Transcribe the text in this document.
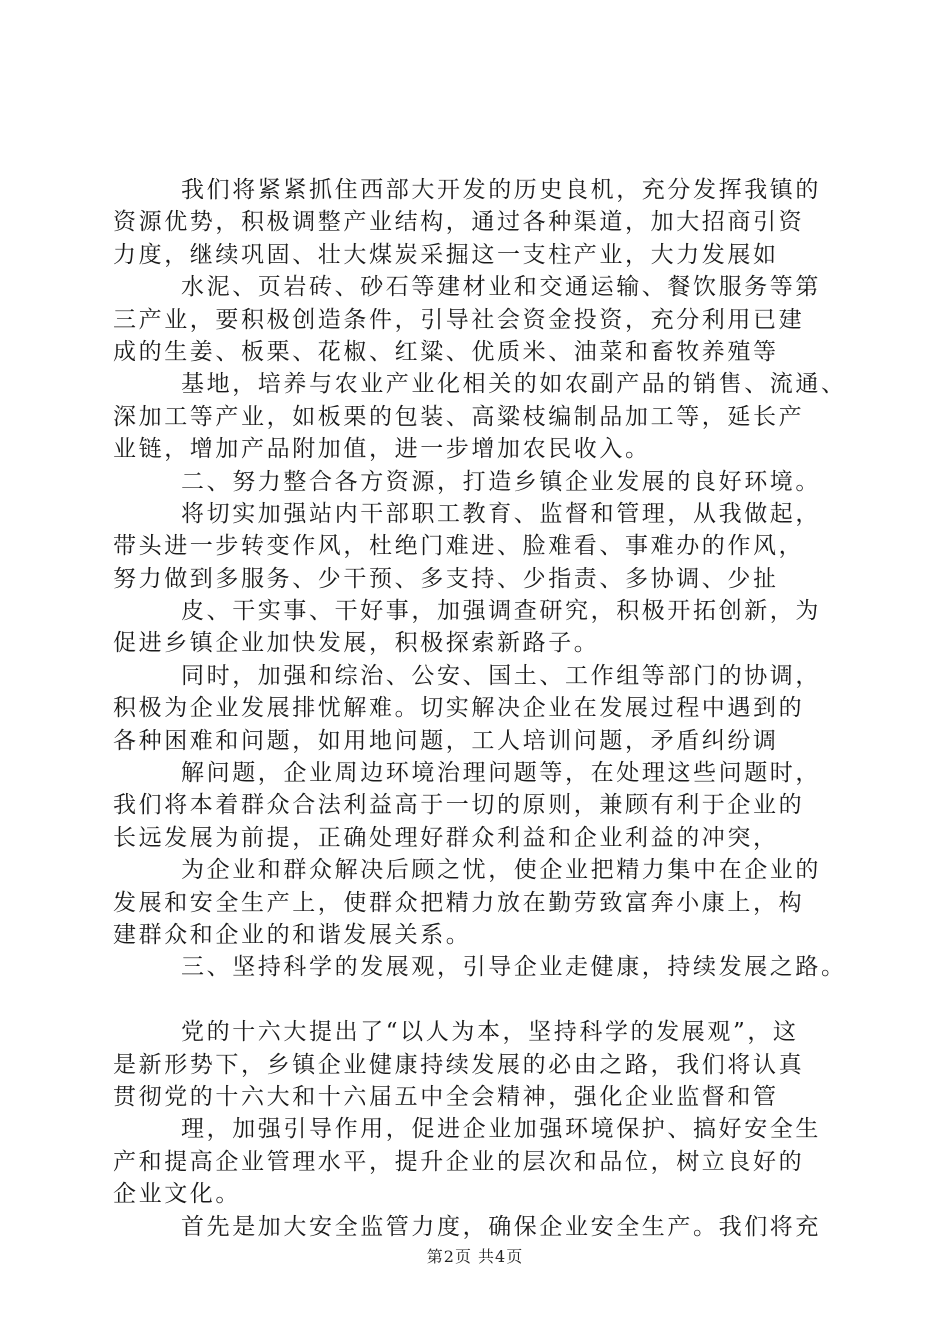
我们将紧紧抓住西部大开发的历史良机，充分发挥我镇的
资源优势，积极调整产业结构，通过各种渠道，加大招商引资
力度，继续巩固、壮大煤炭采掘这一支柱产业，大力发展如
水泥、页岩砖、砂石等建材业和交通运输、餐饮服务等第
三产业，要积极创造条件，引导社会资金投资，充分利用已建
成的生姜、板栗、花椒、红粱、优质米、油菜和畜牧养殖等
基地，培养与农业产业化相关的如农副产品的销售、流通、
深加工等产业，如板栗的包装、高粱枝编制品加工等，延长产
业链，增加产品附加值，进一步增加农民收入。
二、努力整合各方资源，打造乡镇企业发展的良好环境。
将切实加强站内干部职工教育、监督和管理，从我做起，
带头进一步转变作风，杜绝门难进、脸难看、事难办的作风，
努力做到多服务、少干预、多支持、少指责、多协调、少扯
皮、干实事、干好事，加强调查研究，积极开拓创新，为
促进乡镇企业加快发展，积极探索新路子。
同时，加强和综治、公安、国土、工作组等部门的协调，
积极为企业发展排忧解难。切实解决企业在发展过程中遇到的
各种困难和问题，如用地问题，工人培训问题，矛盾纠纷调
解问题，企业周边环境治理问题等，在处理这些问题时，
我们将本着群众合法利益高于一切的原则，兼顾有利于企业的
长远发展为前提，正确处理好群众利益和企业利益的冲突，
为企业和群众解决后顾之忧，使企业把精力集中在企业的
发展和安全生产上，使群众把精力放在勤劳致富奔小康上，构
建群众和企业的和谐发展关系。
三、坚持科学的发展观，引导企业走健康，持续发展之路。
党的十六大提出了“以人为本，坚持科学的发展观”，这
是新形势下，乡镇企业健康持续发展的必由之路，我们将认真
贯彻党的十六大和十六届五中全会精神，强化企业监督和管
理，加强引导作用，促进企业加强环境保护、搞好安全生
产和提高企业管理水平，提升企业的层次和品位，树立良好的
企业文化。
首先是加大安全监管力度，确保企业安全生产。我们将充
第2页 共4页
